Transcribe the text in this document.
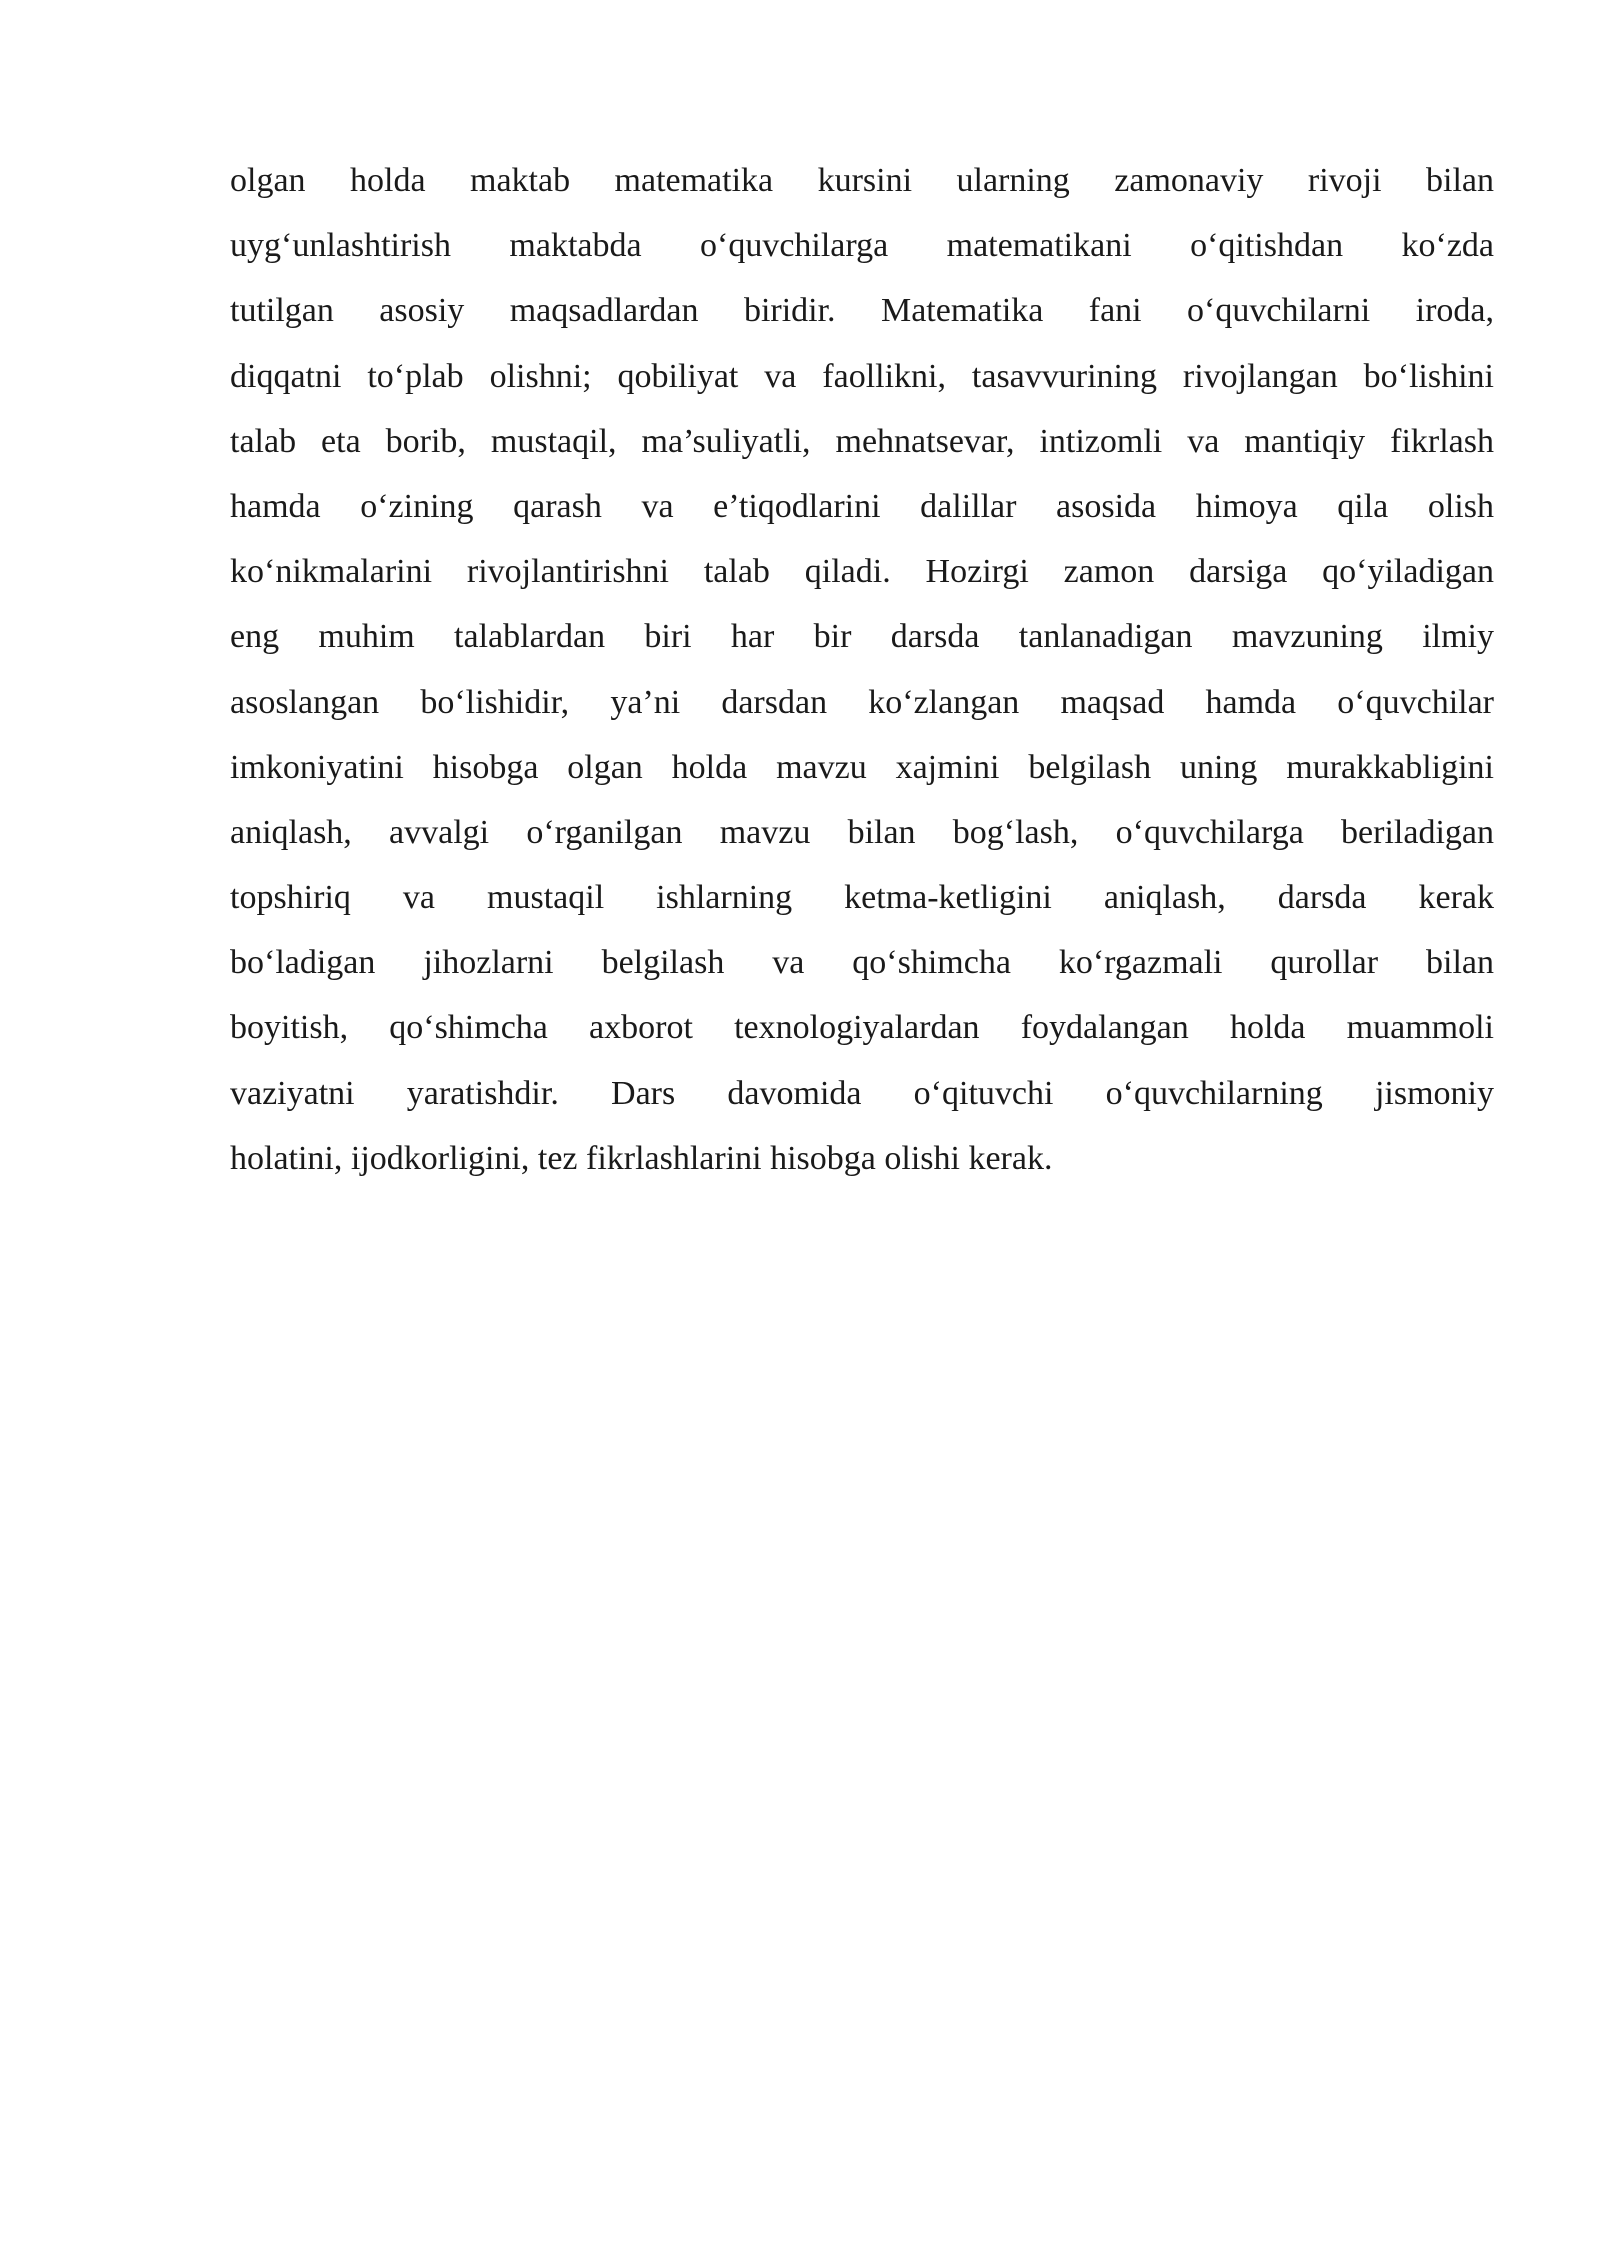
olgan holda maktab matematika kursini ularning zamonaviy rivoji bilan
uyg‘unlashtirish maktabda o‘quvchilarga matematikani o‘qitishdan ko‘zda
tutilgan asosiy maqsadlardan biridir. Matematika fani o‘quvchilarni iroda,
diqqatni to‘plab olishni; qobiliyat va faollikni, tasavvurining rivojlangan bo‘lishini
talab eta borib, mustaqil, ma’suliyatli, mehnatsevar, intizomli va mantiqiy fikrlash
hamda o‘zining qarash va e’tiqodlarini dalillar asosida himoya qila olish
ko‘nikmalarini rivojlantirishni talab qiladi. Hozirgi zamon darsiga qo‘yiladigan
eng muhim talablardan biri har bir darsda tanlanadigan mavzuning ilmiy
asoslangan bo‘lishidir, ya’ni darsdan ko‘zlangan maqsad hamda o‘quvchilar
imkoniyatini hisobga olgan holda mavzu xajmini belgilash uning murakkabligini
aniqlash, avvalgi o‘rganilgan mavzu bilan bog‘lash, o‘quvchilarga beriladigan
topshiriq va mustaqil ishlarning ketma-ketligini aniqlash, darsda kerak
bo‘ladigan jihozlarni belgilash va qo‘shimcha ko‘rgazmali qurollar bilan
boyitish, qo‘shimcha axborot texnologiyalardan foydalangan holda muammoli
vaziyatni yaratishdir. Dars davomida o‘qituvchi o‘quvchilarning jismoniy
holatini, ijodkorligini, tez fikrlashlarini hisobga olishi kerak.
